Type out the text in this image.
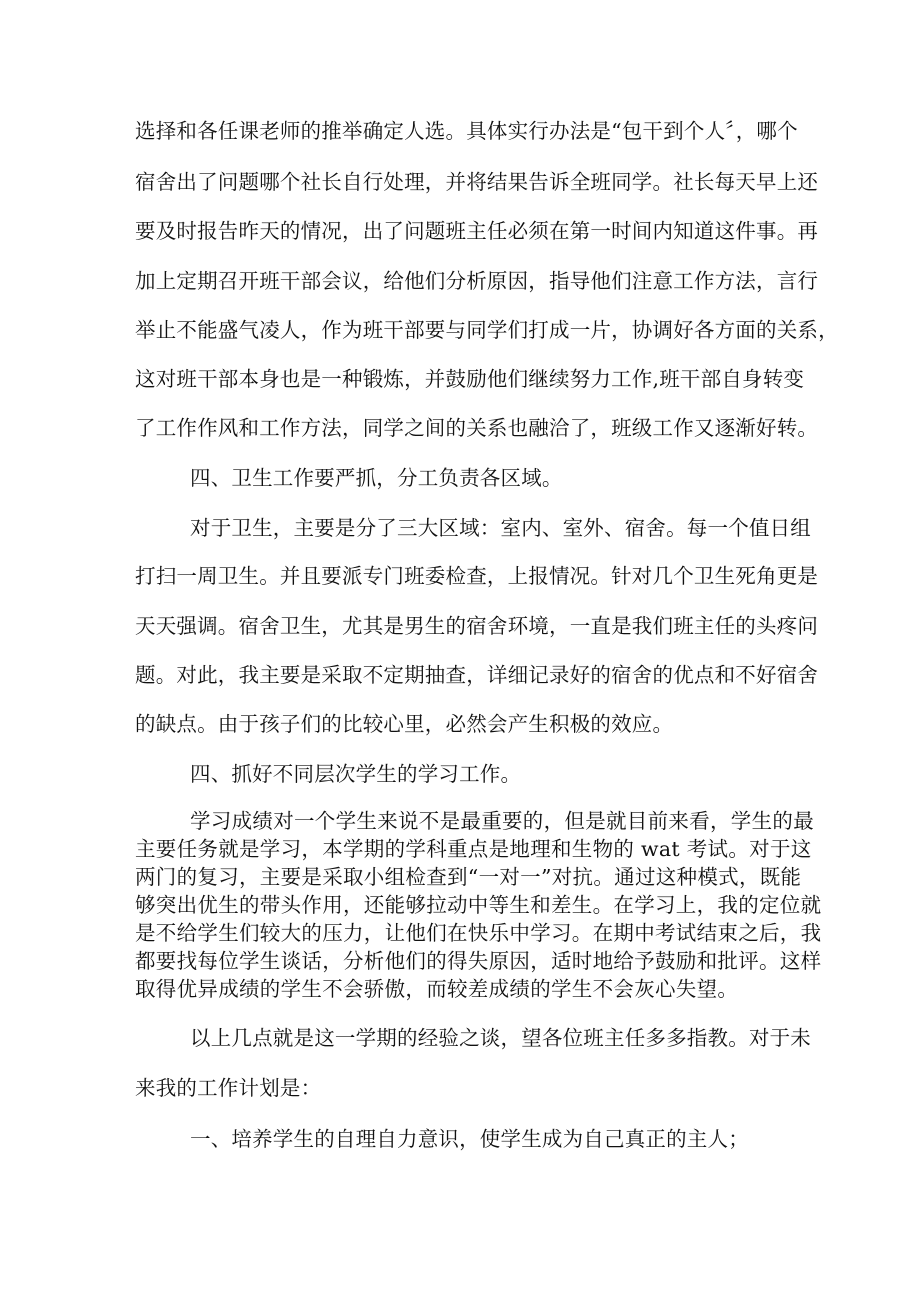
选择和各任课老师的推举确定人选。具体实行办法是“包干到个人〞，哪个
宿舍出了问题哪个社长自行处理，并将结果告诉全班同学。社长每天早上还
要及时报告昨天的情况，出了问题班主任必须在第一时间内知道这件事。再
加上定期召开班干部会议，给他们分析原因，指导他们注意工作方法，言行
举止不能盛气凌人，作为班干部要与同学们打成一片，协调好各方面的关系，
这对班干部本身也是一种锻炼，并鼓励他们继续努力工作,班干部自身转变
了工作作风和工作方法，同学之间的关系也融洽了，班级工作又逐渐好转。
四、卫生工作要严抓，分工负责各区域。
对于卫生，主要是分了三大区域：室内、室外、宿舍。每一个值日组
打扫一周卫生。并且要派专门班委检查，上报情况。针对几个卫生死角更是
天天强调。宿舍卫生，尤其是男生的宿舍环境，一直是我们班主任的头疼问
题。对此，我主要是采取不定期抽查，详细记录好的宿舍的优点和不好宿舍
的缺点。由于孩子们的比较心里，必然会产生积极的效应。
四、抓好不同层次学生的学习工作。
学习成绩对一个学生来说不是最重要的，但是就目前来看，学生的最
主要任务就是学习，本学期的学科重点是地理和生物的 wat 考试。对于这
两门的复习，主要是采取小组检查到“一对一”对抗。通过这种模式，既能
够突出优生的带头作用，还能够拉动中等生和差生。在学习上，我的定位就
是不给学生们较大的压力，让他们在快乐中学习。在期中考试结束之后，我
都要找每位学生谈话，分析他们的得失原因，适时地给予鼓励和批评。这样
取得优异成绩的学生不会骄傲，而较差成绩的学生不会灰心失望。
以上几点就是这一学期的经验之谈，望各位班主任多多指教。对于未
来我的工作计划是：
一、培养学生的自理自力意识，使学生成为自己真正的主人；
